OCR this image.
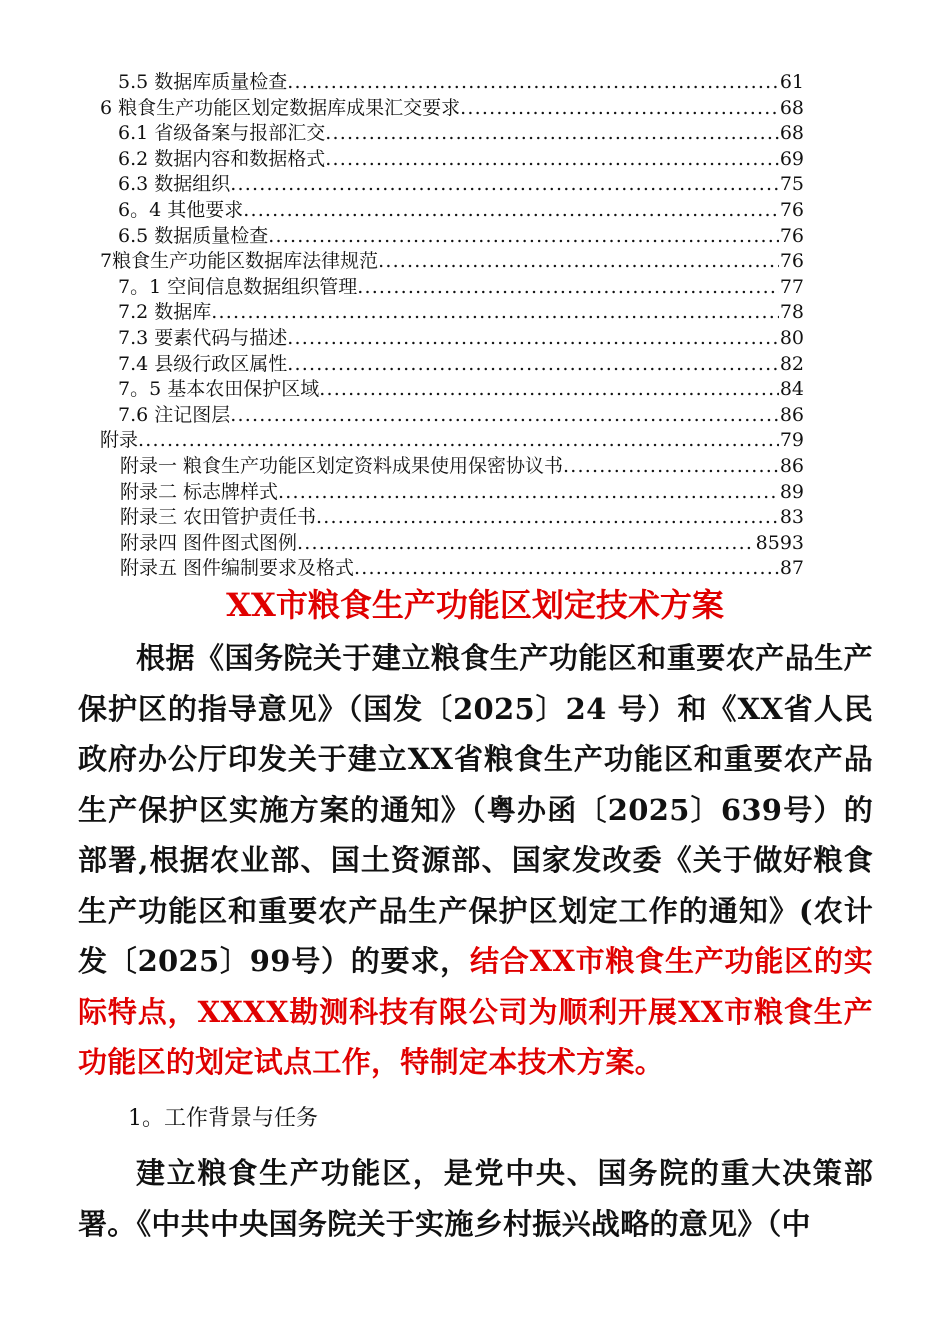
5.5 数据库质量检查 .....	61
6 粮食生产功能区划定数据库成果汇交要求 .....	68
6.1 省级备案与报部汇交 .....	68
6.2 数据内容和数据格式 .....	69
6.3 数据组织 .....	75
6。4 其他要求 .....	76
6.5 数据质量检查 .....	76
7粮食生产功能区数据库法律规范 .....	76
7。1 空间信息数据组织管理 .....	77
7.2 数据库 .....	78
7.3 要素代码与描述 .....	80
7.4 县级行政区属性 .....	82
7。5 基本农田保护区域 .....	84
7.6 注记图层 .....	86
附录 .....	79
附录一 粮食生产功能区划定资料成果使用保密协议书 .....	86
附录二 标志牌样式 .....	89
附录三 农田管护责任书 .....	83
附录四 图件图式图例 .....	8593
附录五 图件编制要求及格式 .....	87
XX市粮食生产功能区划定技术方案
根据《国务院关于建立粮食生产功能区和重要农产品生产保护区的指导意见》（国发〔2025〕24 号）和《XX省人民政府办公厅印发关于建立XX省粮食生产功能区和重要农产品生产保护区实施方案的通知》（粤办函〔2025〕639号）的部署,根据农业部、国土资源部、国家发改委《关于做好粮食生产功能区和重要农产品生产保护区划定工作的通知》(农计发〔2025〕99号）的要求，结合XX市粮食生产功能区的实际特点，XXXX勘测科技有限公司为顺利开展XX市粮食生产功能区的划定试点工作，特制定本技术方案。
1。工作背景与任务
建立粮食生产功能区，是党中央、国务院的重大决策部署。《中共中央国务院关于实施乡村振兴战略的意见》（中
